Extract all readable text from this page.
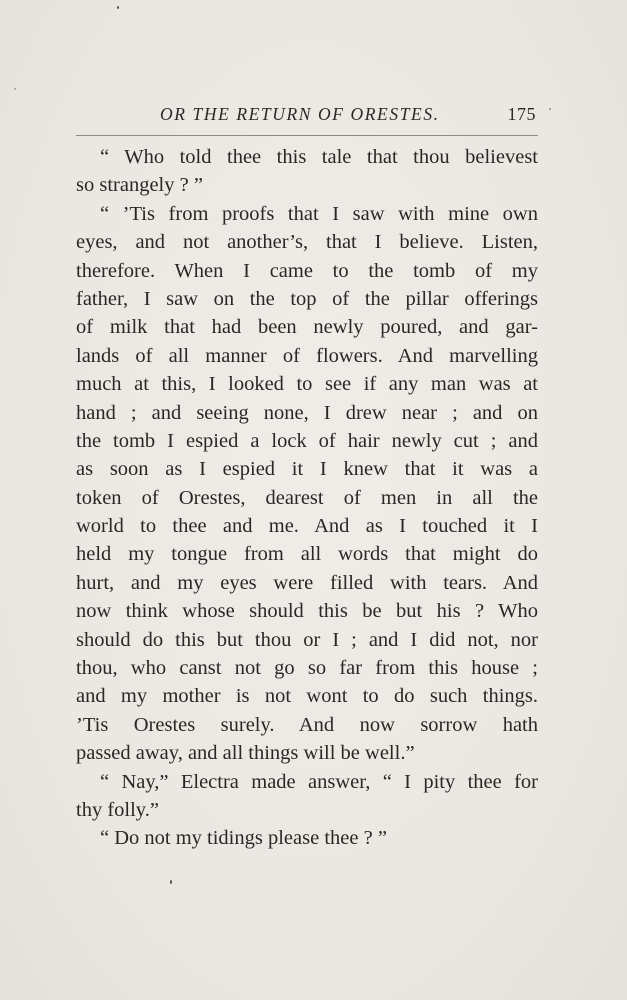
OR THE RETURN OF ORESTES.	175
“ Who told thee this tale that thou believest
so strangely ? ”
“ ’Tis from proofs that I saw with mine own
eyes, and not another’s, that I believe. Listen,
therefore. When I came to the tomb of my
father, I saw on the top of the pillar offerings
of milk that had been newly poured, and gar-
lands of all manner of flowers. And marvelling
much at this, I looked to see if any man was at
hand ; and seeing none, I drew near ; and on
the tomb I espied a lock of hair newly cut ; and
as soon as I espied it I knew that it was a
token of Orestes, dearest of men in all the
world to thee and me. And as I touched it I
held my tongue from all words that might do
hurt, and my eyes were filled with tears. And
now think whose should this be but his ? Who
should do this but thou or I ; and I did not, nor
thou, who canst not go so far from this house ;
and my mother is not wont to do such things.
’Tis Orestes surely. And now sorrow hath
passed away, and all things will be well.”
“ Nay,” Electra made answer, “ I pity thee for
thy folly.”
“ Do not my tidings please thee ? ”
